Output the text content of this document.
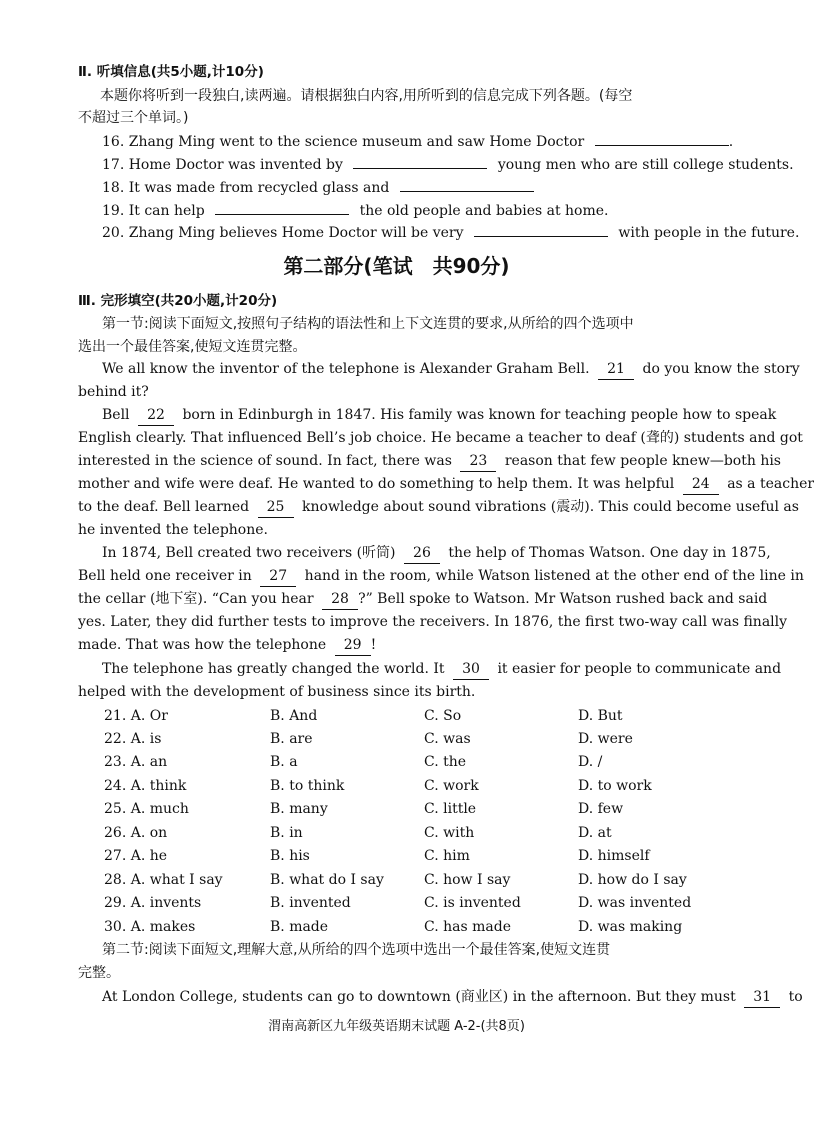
Ⅱ. 听填信息(共5小题,计10分)
本题你将听到一段独白,读两遍。请根据独白内容,用所听到的信息完成下列各题。(每空
不超过三个单词。)
16. Zhang Ming went to the science museum and saw Home Doctor	.
17. Home Doctor was invented by	young men who are still college students.
18. It was made from recycled glass and
19. It can help	the old people and babies at home.
20. Zhang Ming believes Home Doctor will be very	with people in the future.
第二部分(笔试　共90分)
Ⅲ. 完形填空(共20小题,计20分)
第一节:阅读下面短文,按照句子结构的语法性和上下文连贯的要求,从所给的四个选项中
选出一个最佳答案,使短文连贯完整。
We all know the inventor of the telephone is Alexander Graham Bell. 21 do you know the story
behind it?
Bell 22 born in Edinburgh in 1847. His family was known for teaching people how to speak
English clearly. That influenced Bell’s job choice. He became a teacher to deaf (聋的) students and got
interested in the science of sound. In fact, there was 23 reason that few people knew—both his
mother and wife were deaf. He wanted to do something to help them. It was helpful 24 as a teacher
to the deaf. Bell learned 25 knowledge about sound vibrations (震动). This could become useful as
he invented the telephone.
In 1874, Bell created two receivers (听筒) 26 the help of Thomas Watson. One day in 1875,
Bell held one receiver in 27 hand in the room, while Watson listened at the other end of the line in
the cellar (地下室). “Can you hear 28 ?” Bell spoke to Watson. Mr Watson rushed back and said
yes. Later, they did further tests to improve the receivers. In 1876, the first two-way call was finally
made. That was how the telephone 29 !
The telephone has greatly changed the world. It 30 it easier for people to communicate and
helped with the development of business since its birth.
21. A. Or	B. And	C. So	D. But
22. A. is	B. are	C. was	D. were
23. A. an	B. a	C. the	D. /
24. A. think	B. to think	C. work	D. to work
25. A. much	B. many	C. little	D. few
26. A. on	B. in	C. with	D. at
27. A. he	B. his	C. him	D. himself
28. A. what I say	B. what do I say	C. how I say	D. how do I say
29. A. invents	B. invented	C. is invented	D. was invented
30. A. makes	B. made	C. has made	D. was making
第二节:阅读下面短文,理解大意,从所给的四个选项中选出一个最佳答案,使短文连贯
完整。
At London College, students can go to downtown (商业区) in the afternoon. But they must 31 to
渭南高新区九年级英语期末试题 A-2-(共8页)
